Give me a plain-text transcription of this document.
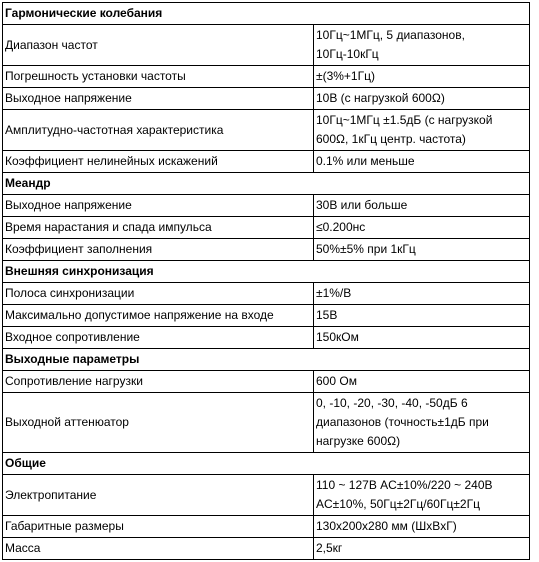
Гармонические колебания	
Диапазон частот	10Гц~1МГц, 5 диапазонов,
10Гц-10кГц

Погрешность установки частоты	±(3%+1Гц)

Выходное напряжение	10В (с нагрузкой 600Ω)

Амплитудно-частотная характеристика	10Гц~1МГц ±1.5дБ (с нагрузкой
600Ω, 1кГц центр. частота)

Коэффициент нелинейных искажений	0.1% или меньше

Меандр	
Выходное напряжение	30В или больше

Время нарастания и спада импульса	≤0.200нс

Коэффициент заполнения	50%±5% при 1кГц

Внешняя синхронизация	
Полоса синхронизации	±1%/В

Максимально допустимое напряжение на входе	15В

Входное сопротивление	150кОм

Выходные параметры	
Сопротивление нагрузки	600 Ом

Выходной аттенюатор	0, -10, -20, -30, -40, -50дБ 6
диапазонов (точность±1дБ при
нагрузке 600Ω)

Общие	
Электропитание	110 ~ 127В AC±10%/220 ~ 240В
AC±10%, 50Гц±2Гц/60Гц±2Гц

Габаритные размеры	130x200x280 мм (ШxВxГ)

Масса	2,5кг
